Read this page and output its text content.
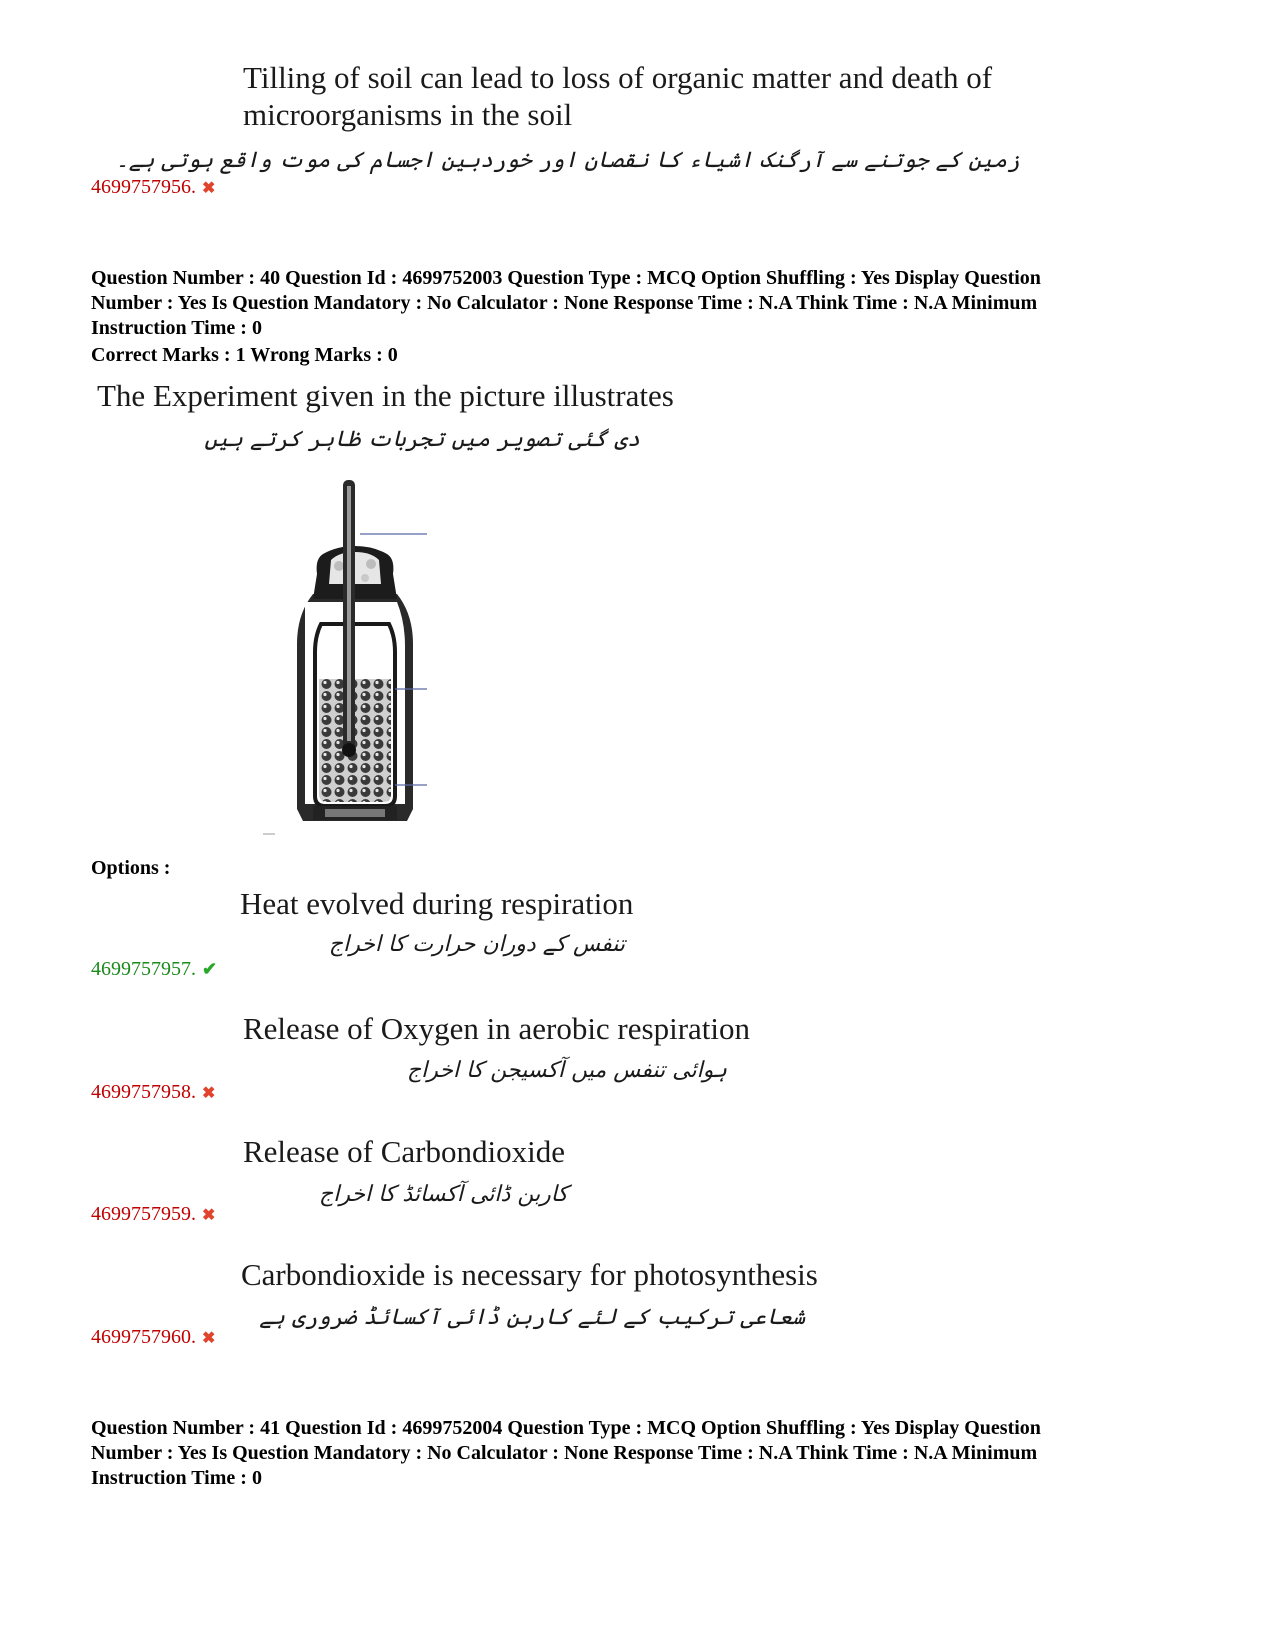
Tilling of soil can lead to loss of organic matter and death of
microorganisms in the soil
زمین کے جوتنے سے آرگنک اشیاء کا نقصان اور خوردبین اجسام کی موت واقع ہوتی ہے۔
4699757956. ✖
Question Number : 40 Question Id : 4699752003 Question Type : MCQ Option Shuffling : Yes Display Question
Number : Yes Is Question Mandatory : No Calculator : None Response Time : N.A Think Time : N.A Minimum
Instruction Time : 0
Correct Marks : 1 Wrong Marks : 0
The Experiment given in the picture illustrates
دی گئی تصویر میں تجربات ظاہر کرتے ہیں
Options :
Heat evolved during respiration
تنفس کے دوران حرارت کا اخراج
4699757957. ✔
Release of Oxygen in aerobic respiration
ہوائی تنفس میں آکسیجن کا اخراج
4699757958. ✖
Release of Carbondioxide
کاربن ڈائی آکسائڈ کا اخراج
4699757959. ✖
Carbondioxide is necessary for photosynthesis
شعاعی ترکیب کے لئے کاربن ڈائی آکسائڈ ضروری ہے
4699757960. ✖
Question Number : 41 Question Id : 4699752004 Question Type : MCQ Option Shuffling : Yes Display Question
Number : Yes Is Question Mandatory : No Calculator : None Response Time : N.A Think Time : N.A Minimum
Instruction Time : 0
